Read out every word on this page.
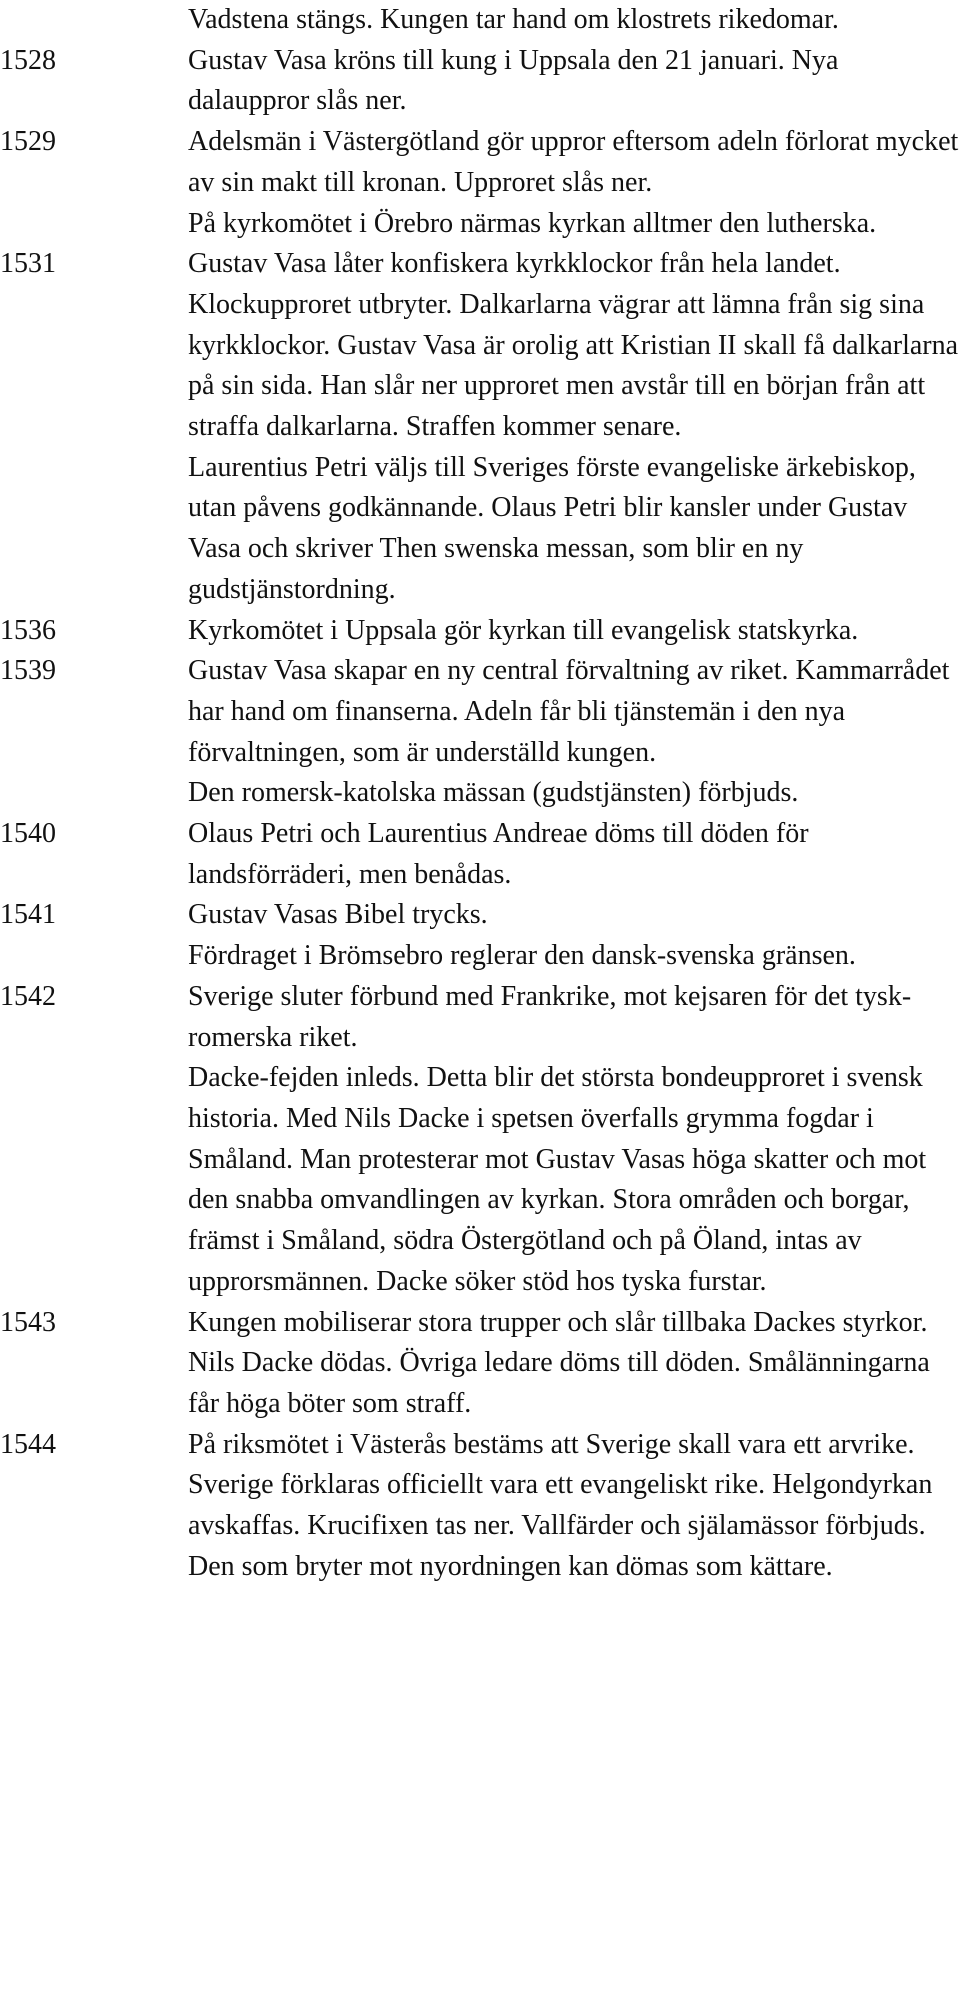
Vadstena stängs. Kungen tar hand om klostrets rikedomar.

1528	Gustav Vasa kröns till kung i Uppsala den 21 januari. Nya dalauppror slås ner.

1529	Adelsmän i Västergötland gör uppror eftersom adeln förlorat mycket av sin makt till kronan. Upproret slås ner.

På kyrkomötet i Örebro närmas kyrkan alltmer den lutherska.

1531	Gustav Vasa låter konfiskera kyrkklockor från hela landet. Klockupproret utbryter. Dalkarlarna vägrar att lämna från sig sina kyrkklockor. Gustav Vasa är orolig att Kristian II skall få dalkarlarna på sin sida. Han slår ner upproret men avstår till en början från att straffa dalkarlarna. Straffen kommer senare.

Laurentius Petri väljs till Sveriges förste evangeliske ärkebiskop, utan påvens godkännande. Olaus Petri blir kansler under Gustav Vasa och skriver Then swenska messan, som blir en ny gudstjänstordning.

1536	Kyrkomötet i Uppsala gör kyrkan till evangelisk statskyrka.

1539	Gustav Vasa skapar en ny central förvaltning av riket. Kammarrådet har hand om finanserna. Adeln får bli tjänstemän i den nya förvaltningen, som är underställd kungen.

Den romersk-katolska mässan (gudstjänsten) förbjuds.

1540	Olaus Petri och Laurentius Andreae döms till döden för landsförräderi, men benådas.

1541	Gustav Vasas Bibel trycks.

Fördraget i Brömsebro reglerar den dansk-svenska gränsen.

1542	Sverige sluter förbund med Frankrike, mot kejsaren för det tysk-romerska riket.

Dacke-fejden inleds. Detta blir det största bondeupproret i svensk historia. Med Nils Dacke i spetsen överfalls grymma fogdar i Småland. Man protesterar mot Gustav Vasas höga skatter och mot den snabba omvandlingen av kyrkan. Stora områden och borgar, främst i Småland, södra Östergötland och på Öland, intas av upprorsmännen. Dacke söker stöd hos tyska furstar.

1543	Kungen mobiliserar stora trupper och slår tillbaka Dackes styrkor. Nils Dacke dödas. Övriga ledare döms till döden. Smålänningarna får höga böter som straff.

1544	På riksmötet i Västerås bestäms att Sverige skall vara ett arvrike.

Sverige förklaras officiellt vara ett evangeliskt rike. Helgondyrkan avskaffas. Krucifixen tas ner. Vallfärder och själamässor förbjuds. Den som bryter mot nyordningen kan dömas som kättare.
